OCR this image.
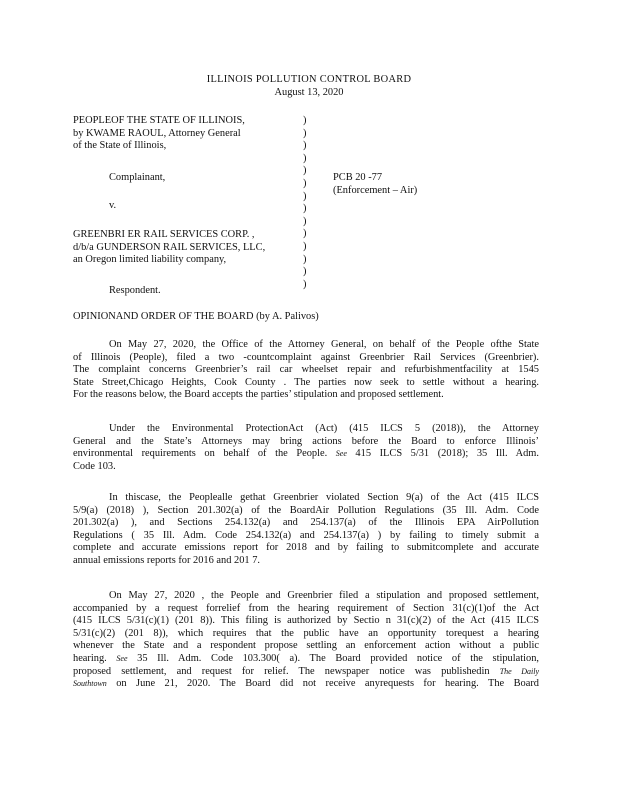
ILLINOIS POLLUTION CONTROL BOARD
August 13, 2020
PEOPLEOF THE STATE OF ILLINOIS,
by KWAME RAOUL, Attorney General
of the State of Illinois,
Complainant,
v.
GREENBRI ER RAIL SERVICES CORP. ,
d/b/a GUNDERSON RAIL SERVICES, LLC,
an Oregon limited liability company,
Respondent.
)
)
)
)
)
)
)
)
)
)
)
)
)
)
PCB 20 -77
(Enforcement – Air)
OPINIONAND ORDER OF THE BOARD (by A. Palivos)
On May 27, 2020, the Office of the Attorney General, on behalf of the People ofthe State
of Illinois (People), filed a two -countcomplaint against Greenbrier Rail Services (Greenbrier).
The complaint concerns Greenbrier’s rail car wheelset repair and refurbishmentfacility at 1545
State Street,Chicago Heights, Cook County . The parties now seek to settle without a hearing.
For the reasons below, the Board accepts the parties’ stipulation and proposed settlement.
Under the Environmental ProtectionAct (Act) (415 ILCS 5 (2018)), the Attorney
General and the State’s Attorneys may bring actions before the Board to enforce Illinois’
environmental requirements on behalf of the People. See 415 ILCS 5/31 (2018); 35 Ill. Adm.
Code 103.
In thiscase, the Peoplealle gethat Greenbrier violated Section 9(a) of the Act (415 ILCS
5/9(a) (2018) ), Section 201.302(a) of the BoardAir Pollution Regulations (35 Ill. Adm. Code
201.302(a) ), and Sections 254.132(a) and 254.137(a) of the Illinois EPA AirPollution
Regulations ( 35 Ill. Adm. Code 254.132(a) and 254.137(a) ) by failing to timely submit a
complete and accurate emissions report for 2018 and by failing to submitcomplete and accurate
annual emissions reports for 2016 and 201 7.
On May 27, 2020 , the People and Greenbrier filed a stipulation and proposed settlement,
accompanied by a request forrelief from the hearing requirement of Section 31(c)(1)of the Act
(415 ILCS 5/31(c)(1) (201 8)). This filing is authorized by Sectio n 31(c)(2) of the Act (415 ILCS
5/31(c)(2) (201 8)), which requires that the public have an opportunity torequest a hearing
whenever the State and a respondent propose settling an enforcement action without a public
hearing. See 35 Ill. Adm. Code 103.300( a). The Board provided notice of the stipulation,
proposed settlement, and request for relief. The newspaper notice was publishedin The Daily
Southtown on June 21, 2020. The Board did not receive anyrequests for hearing. The Board
